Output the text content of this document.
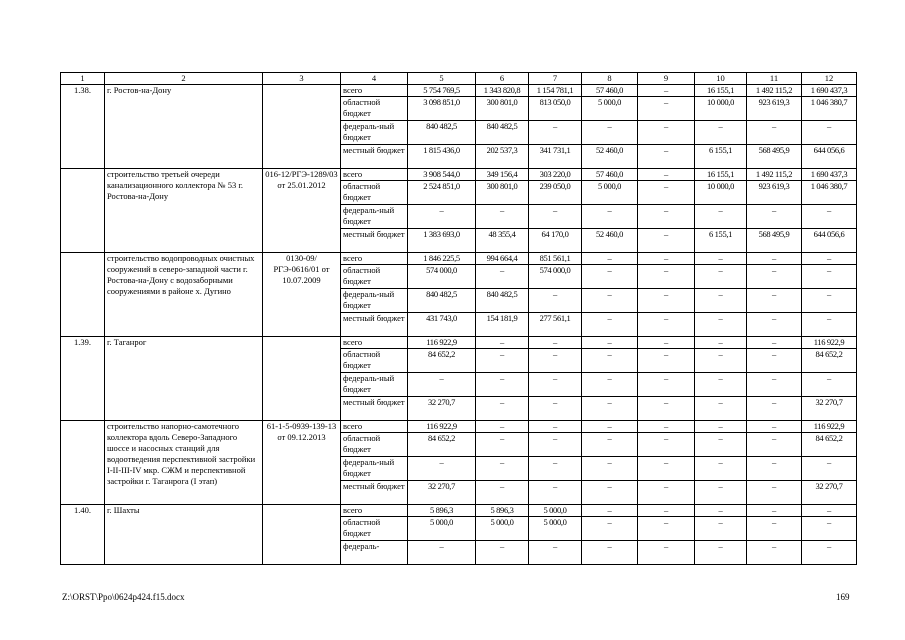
1	2	3	4	5	6	7	8	9	10	11	12
1.38.	г. Ростов-на-Дону		всего	5 754 769,5	1 343 820,8	1 154 781,1	57 460,0	–	16 155,1	1 492 115,2	1 690 437,3
			областной бюджет	3 098 851,0	300 801,0	813 050,0	5 000,0	–	10 000,0	923 619,3	1 046 380,7
			федераль-ный бюджет	840 482,5	840 482,5	–	–	–	–	–	–
			местный бюджет	1 815 436,0	202 537,3	341 731,1	52 460,0	–	6 155,1	568 495,9	644 056,6
	строительство третьей очереди канализационного коллектора № 53 г. Ростова-на-Дону	016-12/РГЭ-1289/03 от 25.01.2012	всего	3 908 544,0	349 156,4	303 220,0	57 460,0	–	16 155,1	1 492 115,2	1 690 437,3
			областной бюджет	2 524 851,0	300 801,0	239 050,0	5 000,0	–	10 000,0	923 619,3	1 046 380,7
			федераль-ный бюджет	–	–	–	–	–	–	–	–
			местный бюджет	1 383 693,0	48 355,4	64 170,0	52 460,0	–	6 155,1	568 495,9	644 056,6
	строительство водопроводных очистных сооружений в северо-западной части г. Ростова-на-Дону с водозаборными сооружениями в районе х. Дугино	0130-09/РГЭ-0616/01 от 10.07.2009	всего	1 846 225,5	994 664,4	851 561,1	–	–	–	–	–
			областной бюджет	574 000,0	–	574 000,0	–	–	–	–	–
			федераль-ный бюджет	840 482,5	840 482,5	–	–	–	–	–	–
			местный бюджет	431 743,0	154 181,9	277 561,1	–	–	–	–	–
1.39.	г. Таганрог		всего	116 922,9	–	–	–	–	–	–	116 922,9
			областной бюджет	84 652,2	–	–	–	–	–	–	84 652,2
			федераль-ный бюджет	–	–	–	–	–	–	–	–
			местный бюджет	32 270,7	–	–	–	–	–	–	32 270,7
	строительство напорно-самотечного коллектора вдоль Северо-Западного шоссе и насосных станций для водоотведения перспективной застройки I-II-III-IV мкр. СЖМ и перспективной застройки г. Таганрога (I этап)	61-1-5-0939-139-13 от 09.12.2013	всего	116 922,9	–	–	–	–	–	–	116 922,9
			областной бюджет	84 652,2	–	–	–	–	–	–	84 652,2
			федераль-ный бюджет	–	–	–	–	–	–	–	–
			местный бюджет	32 270,7	–	–	–	–	–	–	32 270,7
1.40.	г. Шахты		всего	5 896,3	5 896,3	5 000,0	–	–	–	–	–
			областной бюджет	5 000,0	5 000,0	5 000,0	–	–	–	–	–
			федераль-	–	–	–	–	–	–	–	–
Z:\ORST\Ppo\0624p424.f15.docx	169
